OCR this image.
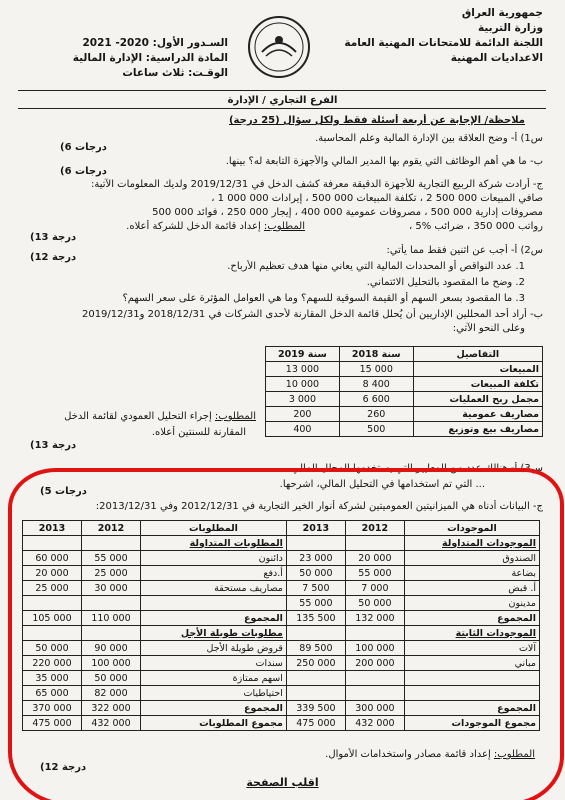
جمهورية العراق
وزارة التربية
اللجنة الدائمة للامتحانات المهنية العامة
الاعداديات المهنية
السـدور الأول: 2020- 2021
المادة الدراسية: الإدارة المالية
الوقـت: ثلاث ساعات
الفرع التجاري / الإدارة
ملاحظة/ الإجابة عن أربعة أسئلة فقط ولكل سؤال (25 درجة)
س1) أ- وضح العلاقة بين الإدارة المالية وعلم المحاسبة.
(6 درجات
ب- ما هي أهم الوظائف التي يقوم بها المدير المالي والأجهزة التابعة له؟ بينها.
(6 درجات
ج- أرادت شركة الربيع التجارية للأجهزة الدقيقة معرفة كشف الدخل في 2019/12/31 ولديك المعلومات الآتية:
صافي المبيعات 000 500 2 ، تكلفة المبيعات 000 500 ، إيرادات 000 000 1 ،
مصروفات إدارية 000 500 ، مصروفات عمومية 000 400 ، إيجار 000 250 ، فوائد 000 500
رواتب 000 350 ، ضرائب %5 ،
المطلوب: إعداد قائمة الدخل للشركة أعلاه.
(13 درجة
س2) أ- أجب عن اثنين فقط مما يأتي:
(12 درجة
1. عدد النواقص أو المحددات المالية التي يعاني منها هدف تعظيم الأرباح.
2. وضح ما المقصود بالتحليل الائتماني.
3. ما المقصود بسعر السهم أو القيمة السوقية للسهم؟ وما هي العوامل المؤثرة على سعر السهم؟
ب- أراد أحد المحللين الإداريين أن يُحلل قائمة الدخل المقارنة لأحدى الشركات في 2018/12/31 و2019/12/31
وعلى النحو الآتي:
التفاصيل	سنة 2018	سنة 2019
المبيعات	15 000	13 000
تكلفة المبيعات	8 400	10 000
مجمل ربح العمليات	6 600	3 000
مصاريف عمومية	260	200
مصاريف بيع وتوزيع	500	400
المطلوب: إجراء التحليل العمودي لقائمة الدخل
المقارنة للسنتين أعلاه.
(13 درجة
س3) أ- هنالك عدد من المعايير التي يستخدمها المحلل المالي ...
... التي تم استخدامها في التحليل المالي، اشرحها.
(5 درجات
ج- البيانات أدناه هي الميزانيتين العموميتين لشركة أنوار الخير التجارية في 2012/12/31 وفي 2013/12/31:
الموجودات	2012	2013	المطلوبات	2012	2013
الموجودات المتداولة			المطلوبات المتداولة		
الصندوق	20 000	23 000	دائنون	55 000	60 000
بضاعة	55 000	50 000	أ.دفع	25 000	20 000
أ. قبض	7 000	7 500	مصاريف مستحقة	30 000	25 000
مدينون	50 000	55 000			
المجموع	132 000	135 500	المجموع	110 000	105 000
الموجودات الثابتة			مطلوبات طويلة الأجل		
آلات	100 000	89 500	قروض طويلة الأجل	90 000	50 000
مباني	200 000	250 000	سندات	100 000	220 000
			اسهم ممتازة	50 000	35 000
			احتياطيات	82 000	65 000
المجموع	300 000	339 500	المجموع	322 000	370 000
مجموع الموجودات	432 000	475 000	مجموع المطلوبات	432 000	475 000
المطلوب: إعداد قائمة مصادر واستخدامات الأموال.
(12 درجة
اقلب الصفحة
